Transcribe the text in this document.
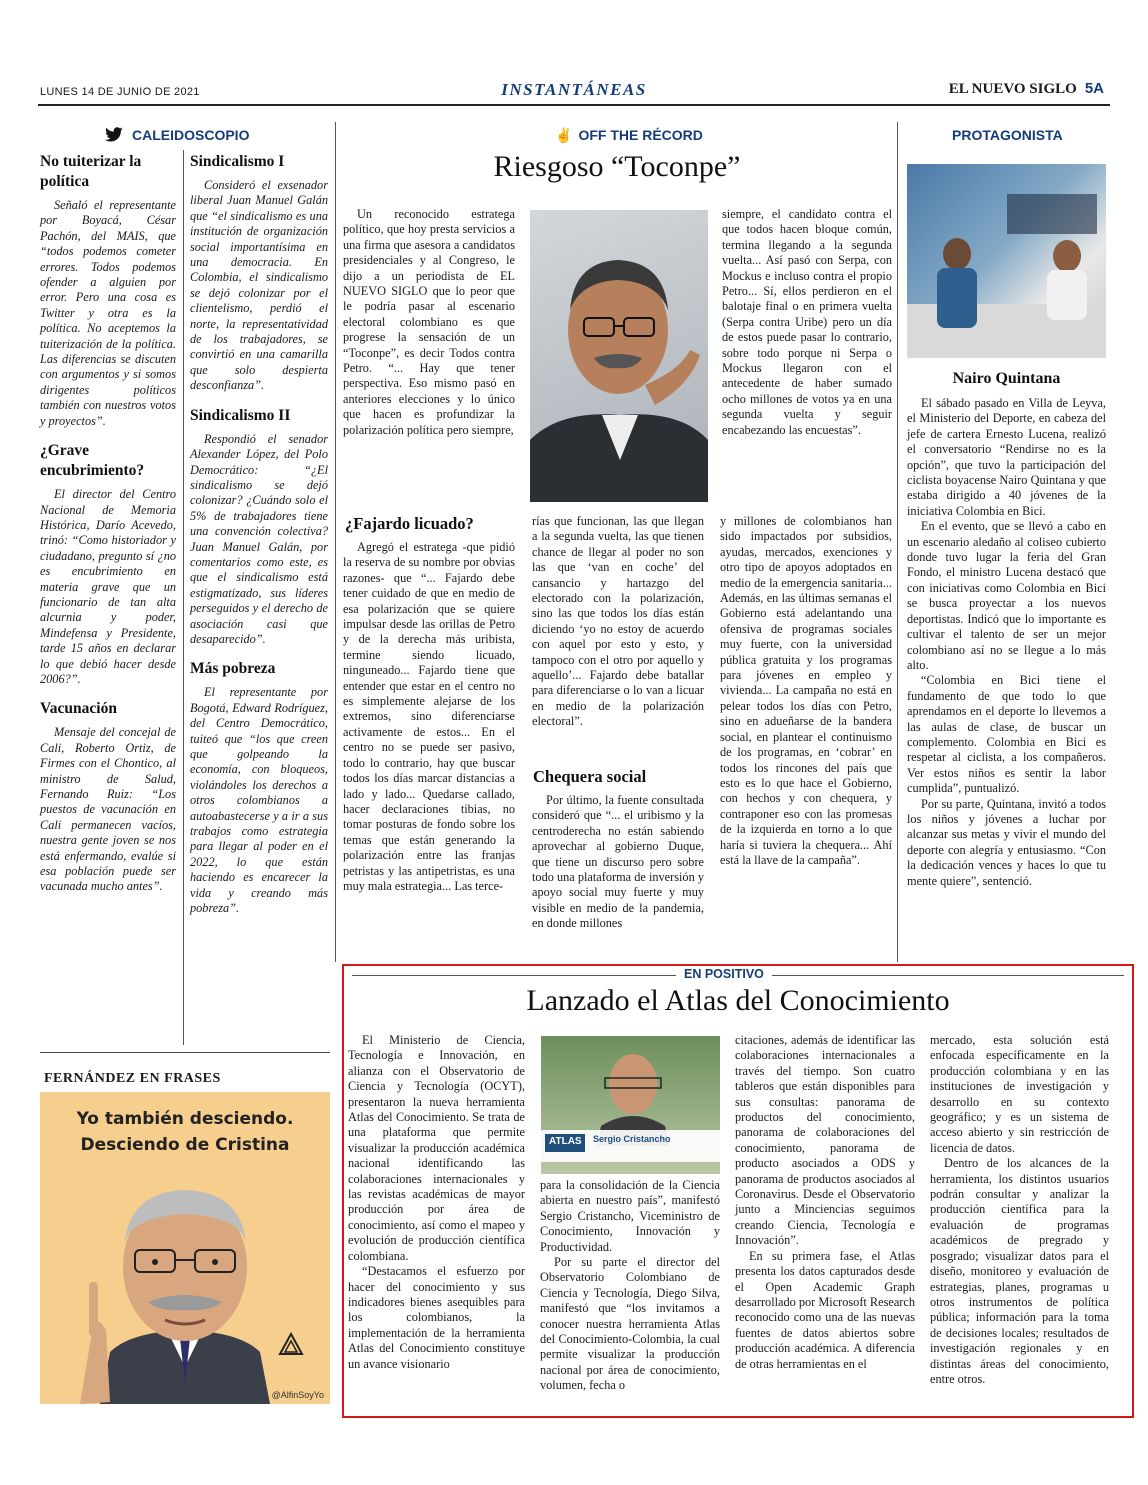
LUNES 14 DE JUNIO DE 2021	INSTANTÁNEAS	EL NUEVO SIGLO 5A
CALEIDOSCOPIO
No tuiterizar la política

Señaló el representante por Boyacá, César Pachón, del MAIS, que “todos podemos cometer errores. Todos podemos ofender a alguien por error. Pero una cosa es Twitter y otra es la política. No aceptemos la tuiterización de la política. Las diferencias se discuten con argumentos y si somos dirigentes políticos también con nuestros votos y proyectos”.

¿Grave encubrimiento?

El director del Centro Nacional de Memoria Histórica, Darío Acevedo, trinó: “Como historiador y ciudadano, pregunto sí ¿no es encubrimiento en materia grave que un funcionario de tan alta alcurnia y poder, Mindefensa y Presidente, tarde 15 años en declarar lo que debió hacer desde 2006?”.

Vacunación

Mensaje del concejal de Cali, Roberto Ortiz, de Firmes con el Chontico, al ministro de Salud, Fernando Ruiz: “Los puestos de vacunación en Cali permanecen vacíos, nuestra gente joven se nos está enfermando, evalúe si esa población puede ser vacunada mucho antes”.

Sindicalismo I

Consideró el exsenador liberal Juan Manuel Galán que “el sindicalismo es una institución de organización social importantísima en una democracia. En Colombia, el sindicalismo se dejó colonizar por el clientelismo, perdió el norte, la representatividad de los trabajadores, se convirtió en una camarilla que solo despierta desconfianza”.

Sindicalismo II

Respondió el senador Alexander López, del Polo Democrático: “¿El sindicalismo se dejó colonizar? ¿Cuándo solo el 5% de trabajadores tiene una convención colectiva? Juan Manuel Galán, por comentarios como este, es que el sindicalismo está estigmatizado, sus líderes perseguidos y el derecho de asociación casi que desaparecido”.

Más pobreza

El representante por Bogotá, Edward Rodríguez, del Centro Democrático, tuiteó que “los que creen que golpeando la economía, con bloqueos, violándoles los derechos a otros colombianos a autoabastecerse y a ir a sus trabajos como estrategia para llegar al poder en el 2022, lo que están haciendo es encarecer la vida y creando más pobreza”.

FERNÁNDEZ EN FRASES
Yo también desciendo.
Desciendo de Cristina
@AlfinSoyYo
✌ OFF THE RÉCORD
Riesgoso “Toconpe”

Un reconocido estratega político, que hoy presta servicios a una firma que asesora a candidatos presidenciales y al Congreso, le dijo a un periodista de EL NUEVO SIGLO que lo peor que le podría pasar al escenario electoral colombiano es que progrese la sensación de un “Toconpe”, es decir Todos contra Petro. “... Hay que tener perspectiva. Eso mismo pasó en anteriores elecciones y lo único que hacen es profundizar la polarización política pero siempre,

siempre, el candidato contra el que todos hacen bloque común, termina llegando a la segunda vuelta... Así pasó con Serpa, con Mockus e incluso contra el propio Petro... Sí, ellos perdieron en el balotaje final o en primera vuelta (Serpa contra Uribe) pero un día de estos puede pasar lo contrario, sobre todo porque ni Serpa o Mockus llegaron con el antecedente de haber sumado ocho millones de votos ya en una segunda vuelta y seguir encabezando las encuestas”.

¿Fajardo licuado?

Agregó el estratega -que pidió la reserva de su nombre por obvias razones- que “... Fajardo debe tener cuidado de que en medio de esa polarización que se quiere impulsar desde las orillas de Petro y de la derecha más uribista, termine siendo licuado, ninguneado... Fajardo tiene que entender que estar en el centro no es simplemente alejarse de los extremos, sino diferenciarse activamente de estos... En el centro no se puede ser pasivo, todo lo contrario, hay que buscar todos los días marcar distancias a lado y lado... Quedarse callado, hacer declaraciones tibias, no tomar posturas de fondo sobre los temas que están generando la polarización entre las franjas petristas y las antipetristas, es una muy mala estrategia... Las terce-

rías que funcionan, las que llegan a la segunda vuelta, las que tienen chance de llegar al poder no son las que ‘van en coche’ del cansancio y hartazgo del electorado con la polarización, sino las que todos los días están diciendo ‘yo no estoy de acuerdo con aquel por esto y esto, y tampoco con el otro por aquello y aquello’... Fajardo debe batallar para diferenciarse o lo van a licuar en medio de la polarización electoral”.

Chequera social

Por último, la fuente consultada consideró que “... el uribismo y la centroderecha no están sabiendo aprovechar al gobierno Duque, que tiene un discurso pero sobre todo una plataforma de inversión y apoyo social muy fuerte y muy visible en medio de la pandemia, en donde millones

y millones de colombianos han sido impactados por subsidios, ayudas, mercados, exenciones y otro tipo de apoyos adoptados en medio de la emergencia sanitaria... Además, en las últimas semanas el Gobierno está adelantando una ofensiva de programas sociales muy fuerte, con la universidad pública gratuita y los programas para jóvenes en empleo y vivienda... La campaña no está en pelear todos los días con Petro, sino en adueñarse de la bandera social, en plantear el continuismo de los programas, en ‘cobrar’ en todos los rincones del país que esto es lo que hace el Gobierno, con hechos y con chequera, y contraponer eso con las promesas de la izquierda en torno a lo que haría si tuviera la chequera... Ahí está la llave de la campaña”.

PROTAGONISTA
Nairo Quintana

El sábado pasado en Villa de Leyva, el Ministerio del Deporte, en cabeza del jefe de cartera Ernesto Lucena, realizó el conversatorio “Rendirse no es la opción”, que tuvo la participación del ciclista boyacense Nairo Quintana y que estaba dirigido a 40 jóvenes de la iniciativa Colombia en Bici.

En el evento, que se llevó a cabo en un escenario aledaño al coliseo cubierto donde tuvo lugar la feria del Gran Fondo, el ministro Lucena destacó que con iniciativas como Colombia en Bici se busca proyectar a los nuevos deportistas. Indicó que lo importante es cultivar el talento de ser un mejor colombiano así no se llegue a lo más alto.

“Colombia en Bici tiene el fundamento de que todo lo que aprendamos en el deporte lo llevemos a las aulas de clase, de buscar un complemento. Colombia en Bici es respetar al ciclista, a los compañeros. Ver estos niños es sentir la labor cumplida”, puntualizó.

Por su parte, Quintana, invitó a todos los niños y jóvenes a luchar por alcanzar sus metas y vivir el mundo del deporte con alegría y entusiasmo. “Con la dedicación vences y haces lo que tu mente quiere”, sentenció.

EN POSITIVO
Lanzado el Atlas del Conocimiento

El Ministerio de Ciencia, Tecnología e Innovación, en alianza con el Observatorio de Ciencia y Tecnología (OCYT), presentaron la nueva herramienta Atlas del Conocimiento. Se trata de una plataforma que permite visualizar la producción académica nacional identificando las colaboraciones internacionales y las revistas académicas de mayor producción por área de conocimiento, así como el mapeo y evolución de producción científica colombiana.

“Destacamos el esfuerzo por hacer del conocimiento y sus indicadores bienes asequibles para los colombianos, la implementación de la herramienta Atlas del Conocimiento constituye un avance visionario

ATLAS Sergio Cristancho

para la consolidación de la Ciencia abierta en nuestro país”, manifestó Sergio Cristancho, Viceministro de Conocimiento, Innovación y Productividad.

Por su parte el director del Observatorio Colombiano de Ciencia y Tecnología, Diego Silva, manifestó que “los invitamos a conocer nuestra herramienta Atlas del Conocimiento-Colombia, la cual permite visualizar la producción nacional por área de conocimiento, volumen, fecha o

citaciones, además de identificar las colaboraciones internacionales a través del tiempo. Son cuatro tableros que están disponibles para sus consultas: panorama de productos del conocimiento, panorama de colaboraciones del conocimiento, panorama de producto asociados a ODS y panorama de productos asociados al Coronavirus. Desde el Observatorio junto a Minciencias seguimos creando Ciencia, Tecnología e Innovación”.

En su primera fase, el Atlas presenta los datos capturados desde el Open Academic Graph desarrollado por Microsoft Research reconocido como una de las nuevas fuentes de datos abiertos sobre producción académica. A diferencia de otras herramientas en el

mercado, esta solución está enfocada específicamente en la producción colombiana y en las instituciones de investigación y desarrollo en su contexto geográfico; y es un sistema de acceso abierto y sin restricción de licencia de datos.

Dentro de los alcances de la herramienta, los distintos usuarios podrán consultar y analizar la producción científica para la evaluación de programas académicos de pregrado y posgrado; visualizar datos para el diseño, monitoreo y evaluación de estrategias, planes, programas u otros instrumentos de política pública; información para la toma de decisiones locales; resultados de investigación regionales y en distintas áreas del conocimiento, entre otros.
